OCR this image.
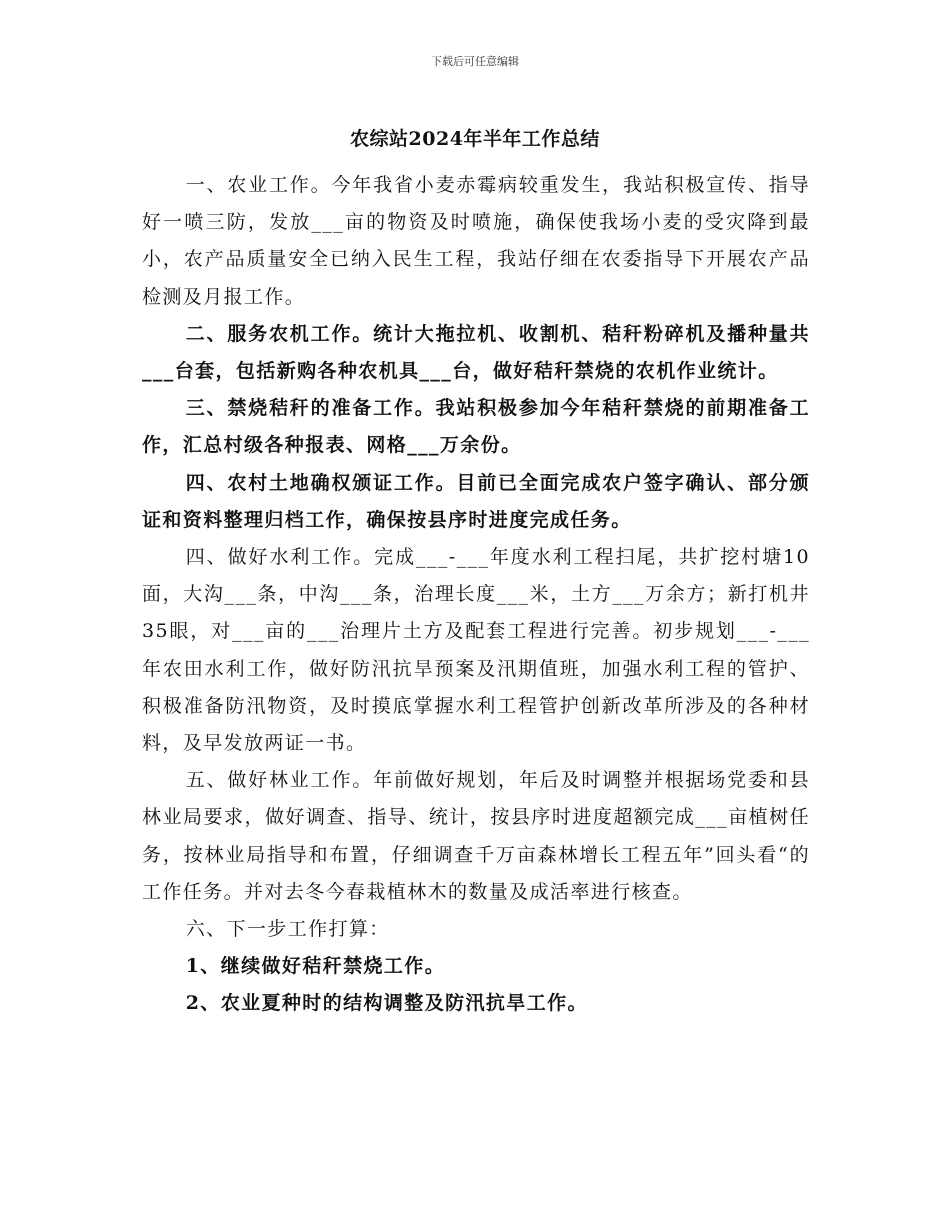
下载后可任意编辑
农综站2024年半年工作总结

一、农业工作。今年我省小麦赤霉病较重发生，我站积极宣传、指导好一喷三防，发放___亩的物资及时喷施，确保使我场小麦的受灾降到最小，农产品质量安全已纳入民生工程，我站仔细在农委指导下开展农产品检测及月报工作。

二、服务农机工作。统计大拖拉机、收割机、秸秆粉碎机及播种量共___台套，包括新购各种农机具___台，做好秸秆禁烧的农机作业统计。

三、禁烧秸秆的准备工作。我站积极参加今年秸秆禁烧的前期准备工作，汇总村级各种报表、网格___万余份。

四、农村土地确权颁证工作。目前已全面完成农户签字确认、部分颁证和资料整理归档工作，确保按县序时进度完成任务。

四、做好水利工作。完成___-___年度水利工程扫尾，共扩挖村塘10面，大沟___条，中沟___条，治理长度___米，土方___万余方；新打机井35眼，对___亩的___治理片土方及配套工程进行完善。初步规划___-___年农田水利工作，做好防汛抗旱预案及汛期值班，加强水利工程的管护、积极准备防汛物资，及时摸底掌握水利工程管护创新改革所涉及的各种材料，及早发放两证一书。

五、做好林业工作。年前做好规划，年后及时调整并根据场党委和县林业局要求，做好调查、指导、统计，按县序时进度超额完成___亩植树任务，按林业局指导和布置，仔细调查千万亩森林增长工程五年”回头看“的工作任务。并对去冬今春栽植林木的数量及成活率进行核查。

六、下一步工作打算：

1、继续做好秸秆禁烧工作。

2、农业夏种时的结构调整及防汛抗旱工作。
